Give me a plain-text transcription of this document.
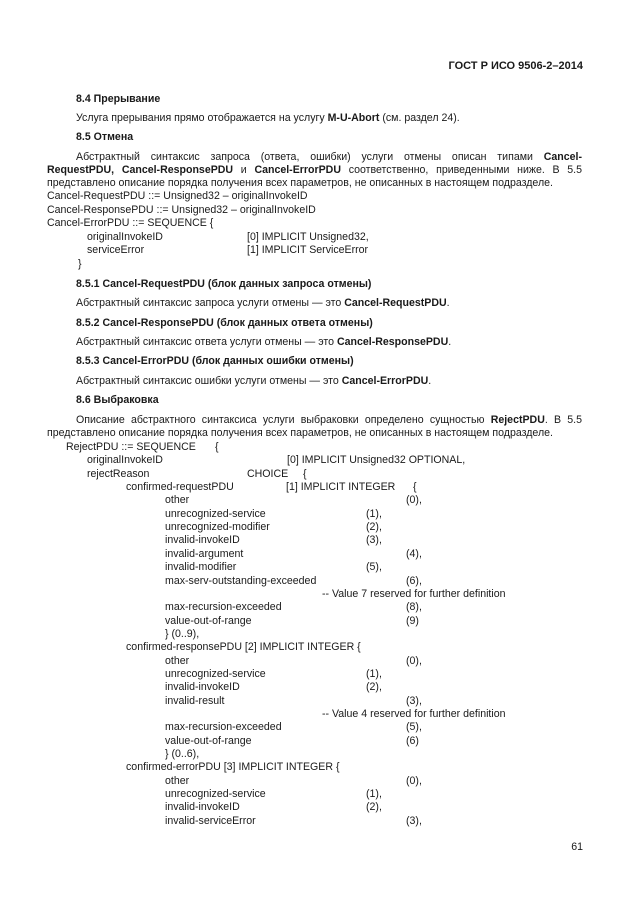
ГОСТ Р ИСО 9506-2–2014
8.4 Прерывание
Услуга прерывания прямо отображается на услугу M-U-Abort (см. раздел 24).
8.5 Отмена
Абстрактный синтаксис запроса (ответа, ошибки) услуги отмены описан типами Cancel-
RequestPDU, Cancel-ResponsePDU и Cancel-ErrorPDU соответственно, приведенными ниже. В 5.5
представлено описание порядка получения всех параметров, не описанных в настоящем подразделе.
Cancel-RequestPDU ::= Unsigned32 – originalInvokeID
Cancel-ResponsePDU ::= Unsigned32 – originalInvokeID
Cancel-ErrorPDU ::= SEQUENCE {
originalInvokeID	[0] IMPLICIT Unsigned32,
serviceError	[1] IMPLICIT ServiceError
}
8.5.1 Cancel-RequestPDU (блок данных запроса отмены)
Абстрактный синтаксис запроса услуги отмены — это Cancel-RequestPDU.
8.5.2 Cancel-ResponsePDU (блок данных ответа отмены)
Абстрактный синтаксис ответа услуги отмены — это Cancel-ResponsePDU.
8.5.3 Cancel-ErrorPDU (блок данных ошибки отмены)
Абстрактный синтаксис ошибки услуги отмены — это Cancel-ErrorPDU.
8.6 Выбраковка
Описание абстрактного синтаксиса услуги выбраковки определено сущностью RejectPDU. В 5.5
представлено описание порядка получения всех параметров, не описанных в настоящем подразделе.
RejectPDU ::= SEQUENCE {
originalInvokeID	[0] IMPLICIT Unsigned32 OPTIONAL,
rejectReason	CHOICE {
confirmed-requestPDU	[1] IMPLICIT INTEGER {
other	(0),
unrecognized-service	(1),
unrecognized-modifier	(2),
invalid-invokeID	(3),
invalid-argument	(4),
invalid-modifier	(5),
max-serv-outstanding-exceeded	(6),
-- Value 7 reserved for further definition
max-recursion-exceeded	(8),
value-out-of-range	(9)
} (0..9),
confirmed-responsePDU [2] IMPLICIT INTEGER {
other	(0),
unrecognized-service	(1),
invalid-invokeID	(2),
invalid-result	(3),
-- Value 4 reserved for further definition
max-recursion-exceeded	(5),
value-out-of-range	(6)
} (0..6),
confirmed-errorPDU [3] IMPLICIT INTEGER {
other	(0),
unrecognized-service	(1),
invalid-invokeID	(2),
invalid-serviceError	(3),
61
